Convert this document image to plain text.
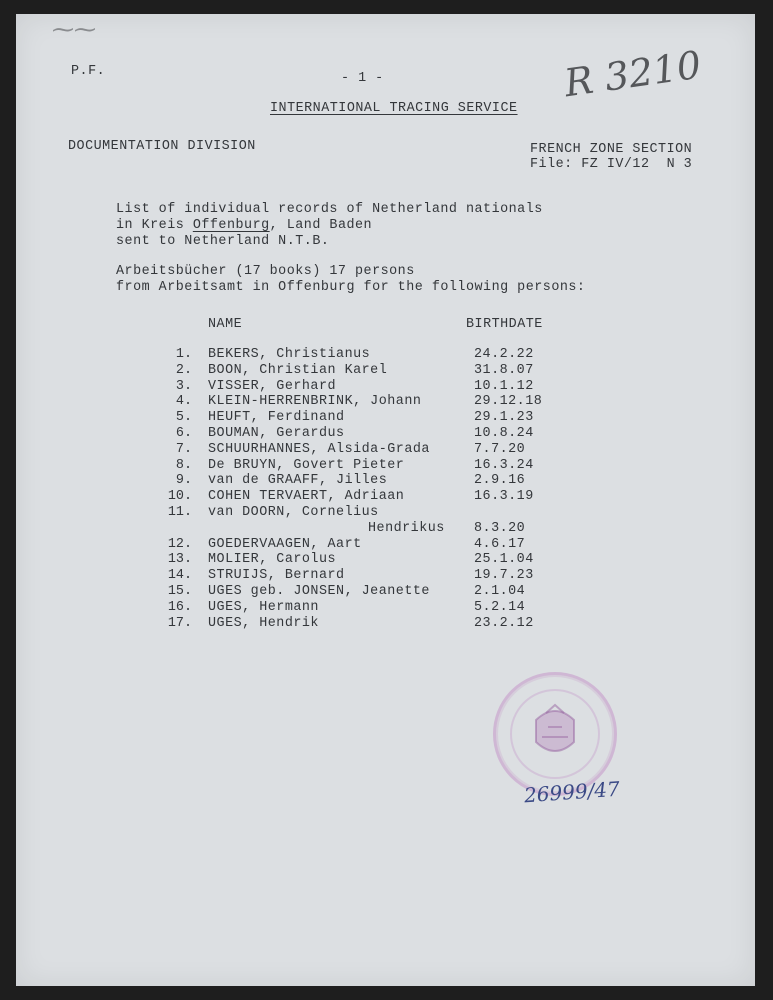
⁓⁓
P.F.	- 1 -	R 3210
INTERNATIONAL TRACING SERVICE
DOCUMENTATION DIVISION	FRENCH ZONE SECTION
File: FZ IV/12  N 3
List of individual records of Netherland nationals
in Kreis Offenburg, Land Baden
sent to Netherland N.T.B.
Arbeitsbücher (17 books) 17 persons
from Arbeitsamt in Offenburg for the following persons:
NAME	BIRTHDATE
1. BEKERS, Christianus	24.2.22
2. BOON, Christian Karel	31.8.07
3. VISSER, Gerhard	10.1.12
4. KLEIN-HERRENBRINK, Johann	29.12.18
5. HEUFT, Ferdinand	29.1.23
6. BOUMAN, Gerardus	10.8.24
7. SCHUURHANNES, Alsida-Grada	7.7.20
8. De BRUYN, Govert Pieter	16.3.24
9. van de GRAAFF, Jilles	2.9.16
10. COHEN TERVAERT, Adriaan	16.3.19
11. van DOORN, Cornelius
Hendrikus 8.3.20
12. GOEDERVAAGEN, Aart	4.6.17
13. MOLIER, Carolus	25.1.04
14. STRUIJS, Bernard	19.7.23
15. UGES geb. JONSEN, Jeanette	2.1.04
16. UGES, Hermann	5.2.14
17. UGES, Hendrik	23.2.12
26999/47
